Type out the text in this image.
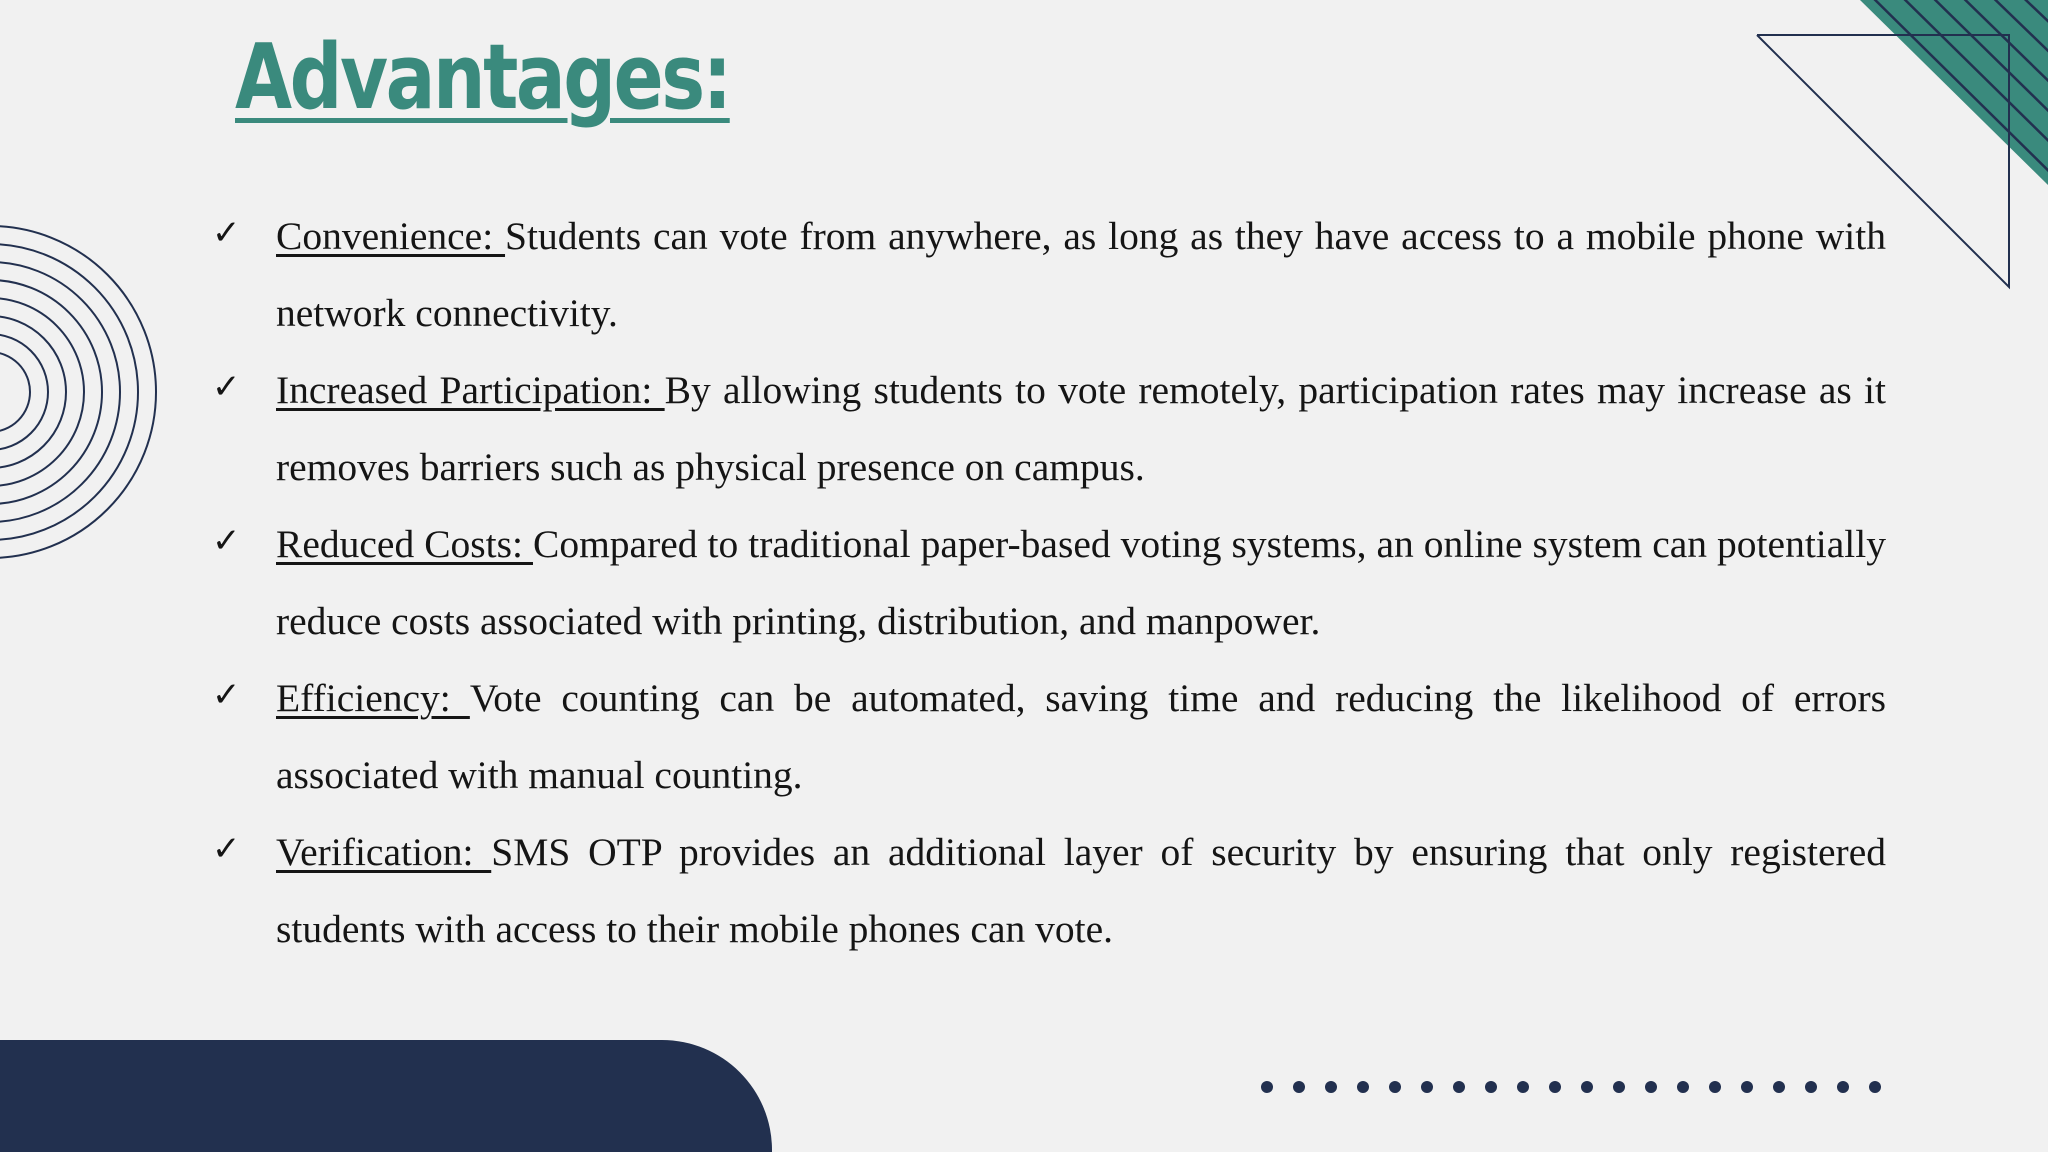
Advantages:
✓ Convenience: Students can vote from anywhere, as long as they have access to a mobile phone with network connectivity.
✓ Increased Participation: By allowing students to vote remotely, participation rates may increase as it removes barriers such as physical presence on campus.
✓ Reduced Costs: Compared to traditional paper-based voting systems, an online system can potentially reduce costs associated with printing, distribution, and manpower.
✓ Efficiency: Vote counting can be automated, saving time and reducing the likelihood of errors associated with manual counting.
✓ Verification: SMS OTP provides an additional layer of security by ensuring that only registered students with access to their mobile phones can vote.
